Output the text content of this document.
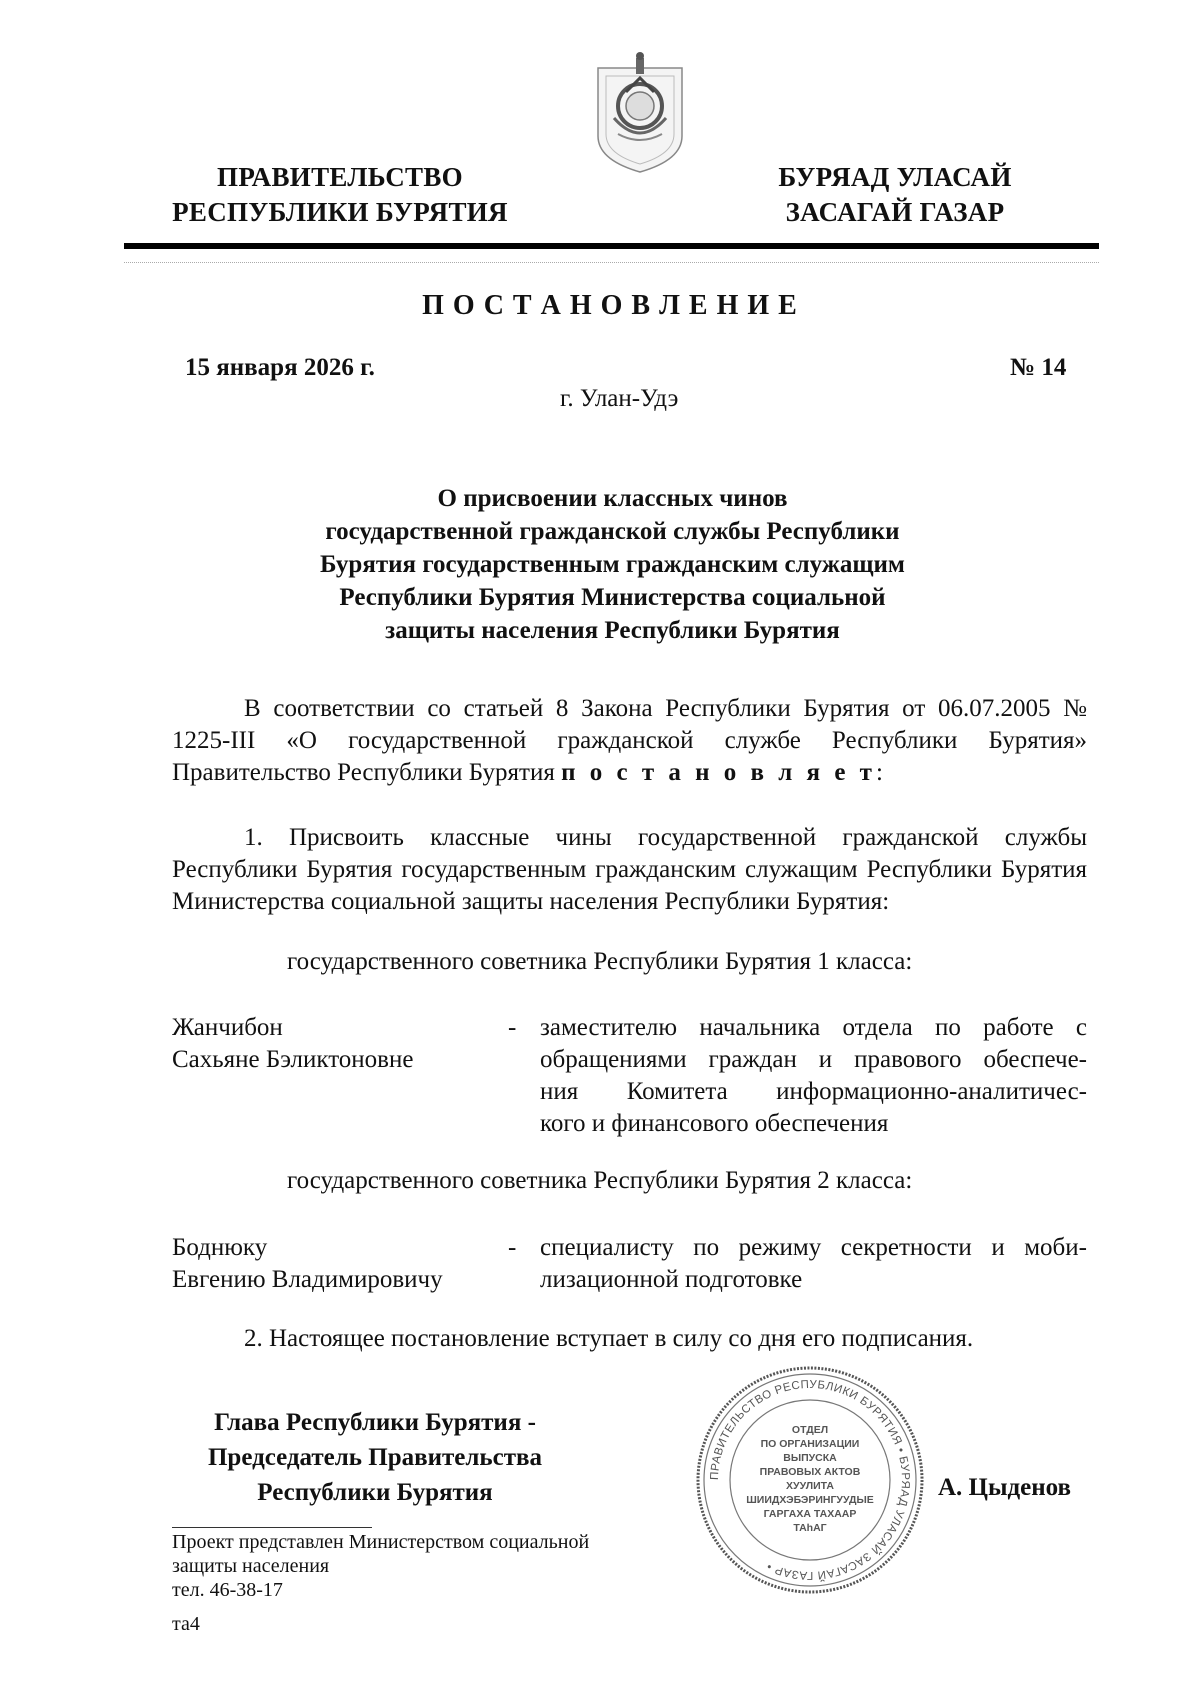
ПРАВИТЕЛЬСТВО
РЕСПУБЛИКИ БУРЯТИЯ
БУРЯАД УЛАСАЙ
ЗАСАГАЙ ГАЗАР
П О С Т А Н О В Л Е Н И Е
15 января 2026 г.	№ 14
г. Улан-Удэ
О присвоении классных чинов
государственной гражданской службы Республики
Бурятия государственным гражданским служащим
Республики Бурятия Министерства социальной
защиты населения Республики Бурятия
В соответствии со статьей 8 Закона Республики Бурятия от 06.07.2005 № 1225-III «О государственной гражданской службе Республики Бурятия» Правительство Республики Бурятия п о с т а н о в л я е т:
1. Присвоить классные чины государственной гражданской службы Республики Бурятия государственным гражданским служащим Республики Бурятия Министерства социальной защиты населения Республики Бурятия:
государственного советника Республики Бурятия 1 класса:
Жанчибон
Сахьяне Бэликтоновне
- заместителю начальника отдела по работе с
обращениями граждан и правового обеспече-
ния Комитета информационно-аналитичес-
кого и финансового обеспечения
государственного советника Республики Бурятия 2 класса:
Боднюку
Евгению Владимировичу
- специалисту по режиму секретности и моби-
лизационной подготовке
2. Настоящее постановление вступает в силу со дня его подписания.
Глава Республики Бурятия -
Председатель Правительства
Республики Бурятия	А. Цыденов
ПРАВИТЕЛЬСТВО РЕСПУБЛИКИ БУРЯТИЯ • БУРЯАД УЛАСАЙ ЗАСАГАЙ ГАЗАР •
ОТДЕЛ
ПО ОРГАНИЗАЦИИ
ВЫПУСКА
ПРАВОВЫХ АКТОВ
ХУУЛИТА
ШИИДХЭБЭРИНГУУДЫЕ
ГАРГАХА ТАХААР
ТАһАГ
Проект представлен Министерством социальной
защиты населения
тел. 46-38-17
та4
